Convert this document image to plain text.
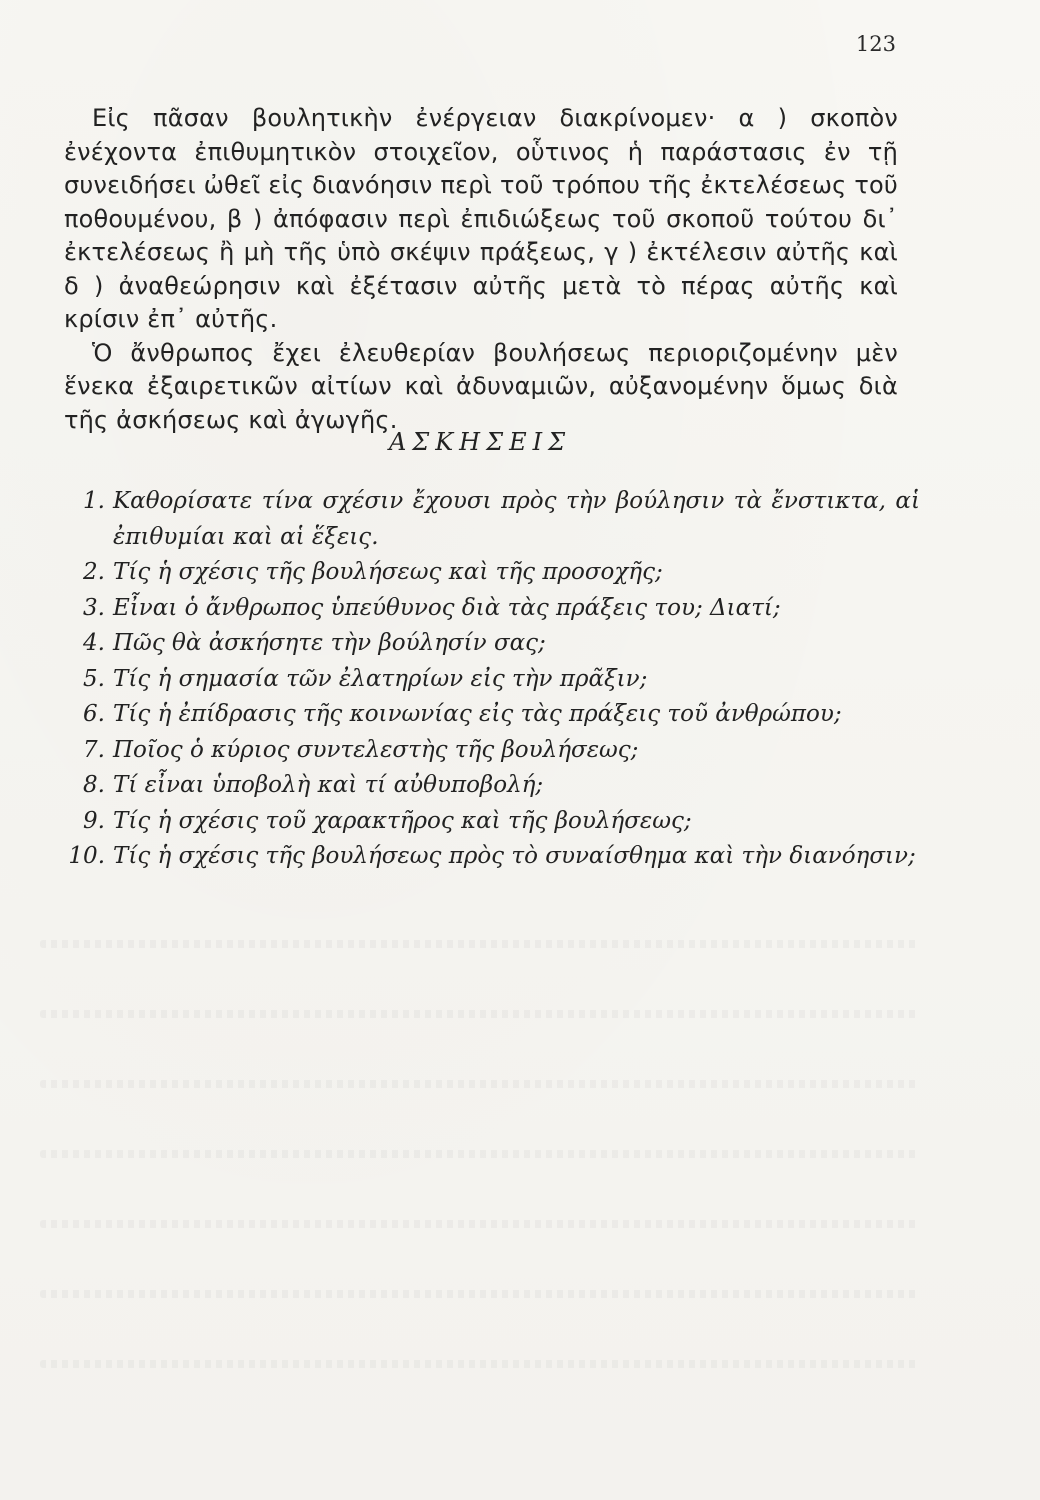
123

Εἰς πᾶσαν βουλητικὴν ἐνέργειαν διακρίνομεν· α ) σκοπὸν ἐνέχοντα ἐπιθυμητικὸν στοιχεῖον, οὗτινος ἡ παράστασις ἐν τῇ συνειδήσει ὠθεῖ εἰς διανόησιν περὶ τοῦ τρόπου τῆς ἐκτελέσεως τοῦ ποθουμένου, β ) ἀπόφασιν περὶ ἐπιδιώξεως τοῦ σκοποῦ τούτου δι᾽ ἐκτελέσεως ἢ μὴ τῆς ὑπὸ σκέψιν πράξεως, γ ) ἐκτέλεσιν αὐτῆς καὶ δ ) ἀναθεώρησιν καὶ ἐξέτασιν αὐτῆς μετὰ τὸ πέρας αὐτῆς καὶ κρίσιν ἐπ᾽ αὐτῆς.

Ὁ ἄνθρωπος ἔχει ἐλευθερίαν βουλήσεως περιοριζομένην μὲν ἕνεκα ἐξαιρετικῶν αἰτίων καὶ ἀδυναμιῶν, αὐξανομένην ὅμως διὰ τῆς ἀσκήσεως καὶ ἀγωγῆς.

ΑΣΚΗΣΕΙΣ
1. Καθορίσατε τίνα σχέσιν ἔχουσι πρὸς τὴν βούλησιν τὰ ἔνστικτα, αἱ ἐπιθυμίαι καὶ αἱ ἕξεις.
2. Τίς ἡ σχέσις τῆς βουλήσεως καὶ τῆς προσοχῆς;
3. Εἶναι ὁ ἄνθρωπος ὑπεύθυνος διὰ τὰς πράξεις του; Διατί;
4. Πῶς θὰ ἀσκήσητε τὴν βούλησίν σας;
5. Τίς ἡ σημασία τῶν ἐλατηρίων εἰς τὴν πρᾶξιν;
6. Τίς ἡ ἐπίδρασις τῆς κοινωνίας εἰς τὰς πράξεις τοῦ ἀνθρώπου;
7. Ποῖος ὁ κύριος συντελεστὴς τῆς βουλήσεως;
8. Τί εἶναι ὑποβολὴ καὶ τί αὐθυποβολή;
9. Τίς ἡ σχέσις τοῦ χαρακτῆρος καὶ τῆς βουλήσεως;
10. Τίς ἡ σχέσις τῆς βουλήσεως πρὸς τὸ συναίσθημα καὶ τὴν διανόησιν;
